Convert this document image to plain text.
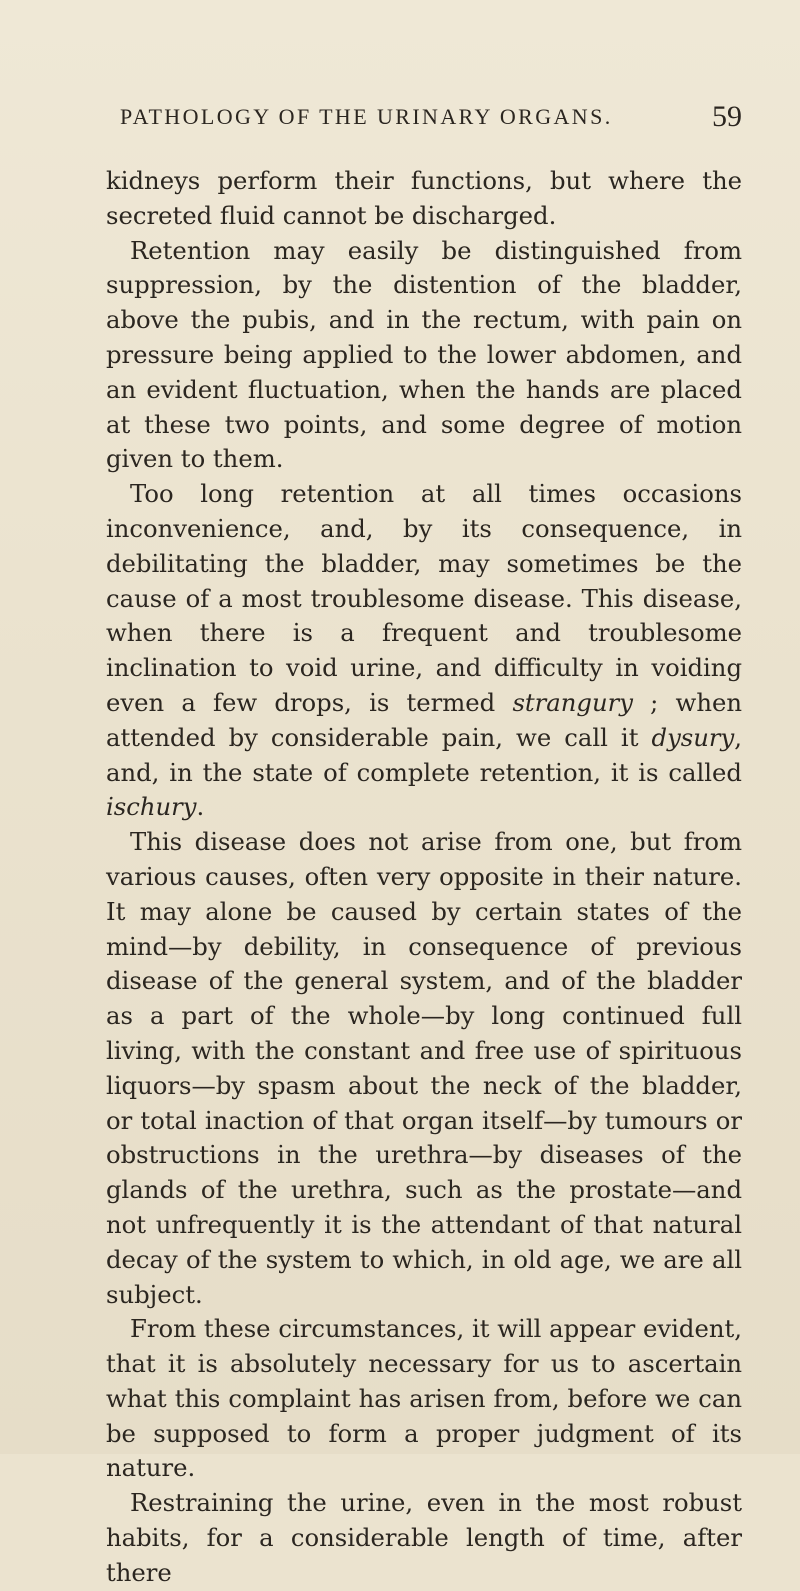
PATHOLOGY OF THE URINARY ORGANS.	59

kidneys perform their functions, but where the secreted fluid cannot be discharged.

Retention may easily be distinguished from suppression, by the distention of the bladder, above the pubis, and in the rectum, with pain on pressure being applied to the lower abdomen, and an evident fluctuation, when the hands are placed at these two points, and some degree of motion given to them.

Too long retention at all times occasions inconvenience, and, by its consequence, in debilitating the bladder, may sometimes be the cause of a most troublesome disease. This disease, when there is a frequent and troublesome inclination to void urine, and difficulty in voiding even a few drops, is termed strangury ; when attended by considerable pain, we call it dysury, and, in the state of complete retention, it is called ischury.

This disease does not arise from one, but from various causes, often very opposite in their nature. It may alone be caused by certain states of the mind—by debility, in consequence of previous disease of the general system, and of the bladder as a part of the whole—by long continued full living, with the constant and free use of spirituous liquors—by spasm about the neck of the bladder, or total inaction of that organ itself—by tumours or obstructions in the urethra—by diseases of the glands of the urethra, such as the prostate—and not unfrequently it is the attendant of that natural decay of the system to which, in old age, we are all subject.

From these circumstances, it will appear evident, that it is absolutely necessary for us to ascertain what this complaint has arisen from, before we can be supposed to form a proper judgment of its nature.

Restraining the urine, even in the most robust habits, for a considerable length of time, after there
